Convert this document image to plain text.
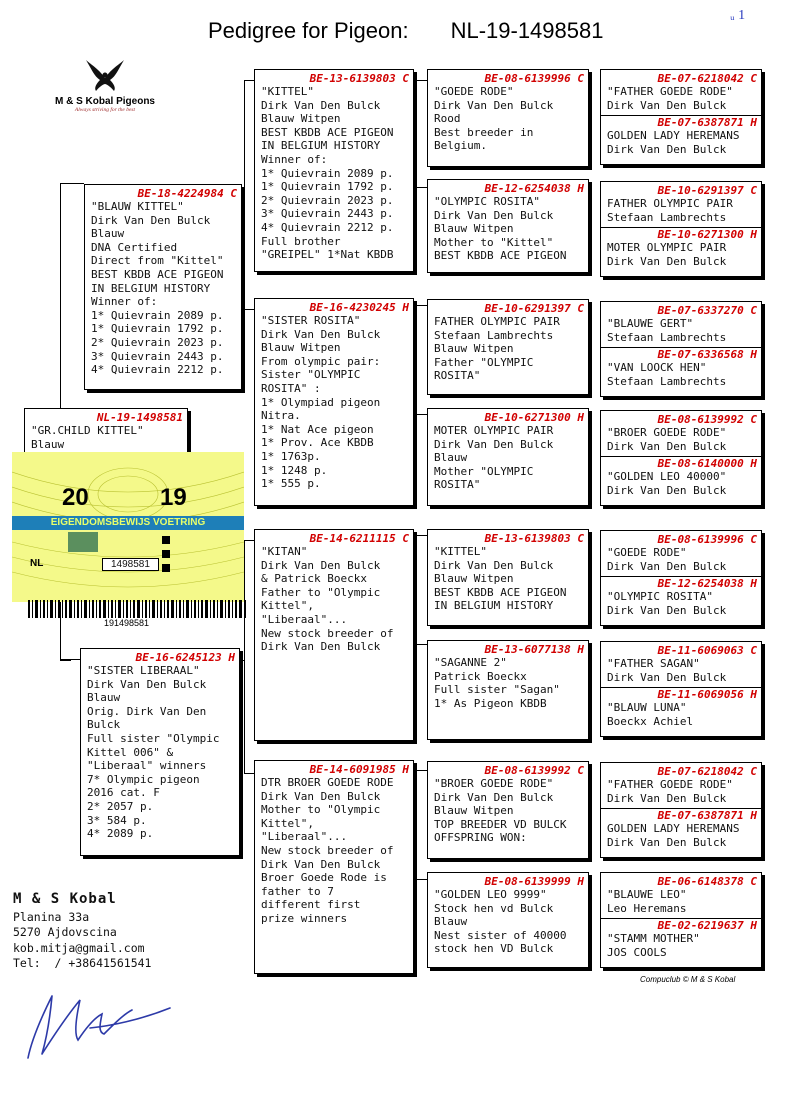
Pedigree for Pigeon: NL-19-1498581
ᵤ 1
M & S Kobal Pigeons
Always striving for the best
NL-19-1498581
"GR.CHILD KITTEL"
Blauw
20	19
EIGENDOMSBEWIJS VOETRING
NL	1498581
191498581
BE-18-4224984 C
"BLAUW KITTEL"
Dirk Van Den Bulck
Blauw
DNA Certified
Direct from "Kittel"
BEST KBDB ACE PIGEON
IN BELGIUM HISTORY
Winner of:
1* Quievrain 2089 p.
1* Quievrain 1792 p.
2* Quievrain 2023 p.
3* Quievrain 2443 p.
4* Quievrain 2212 p.
BE-16-6245123 H
"SISTER LIBERAAL"
Dirk Van Den Bulck
Blauw
Orig. Dirk Van Den
Bulck
Full sister "Olympic
Kittel 006" &
"Liberaal" winners
7* Olympic pigeon
2016 cat. F
2* 2057 p.
3* 584 p.
4* 2089 p.
BE-13-6139803 C
"KITTEL"
Dirk Van Den Bulck
Blauw Witpen
BEST KBDB ACE PIGEON
IN BELGIUM HISTORY
Winner of:
1* Quievrain 2089 p.
1* Quievrain 1792 p.
2* Quievrain 2023 p.
3* Quievrain 2443 p.
4* Quievrain 2212 p.
Full brother
"GREIPEL" 1*Nat KBDB
BE-16-4230245 H
"SISTER ROSITA"
Dirk Van Den Bulck
Blauw Witpen
From olympic pair:
Sister "OLYMPIC
ROSITA" :
1* Olympiad pigeon
Nitra.
1* Nat Ace pigeon
1* Prov. Ace KBDB
1* 1763p.
1* 1248 p.
1* 555 p.
BE-14-6211115 C
"KITAN"
Dirk Van Den Bulck
& Patrick Boeckx
Father to "Olympic
Kittel",
"Liberaal"...
New stock breeder of
Dirk Van Den Bulck
BE-14-6091985 H
DTR BROER GOEDE RODE
Dirk Van Den Bulck
Mother to "Olympic
Kittel",
"Liberaal"...
New stock breeder of
Dirk Van Den Bulck
Broer Goede Rode is
father to 7
different first
prize winners
BE-08-6139996 C
"GOEDE RODE"
Dirk Van Den Bulck
Rood
Best breeder in
Belgium.
BE-12-6254038 H
"OLYMPIC ROSITA"
Dirk Van Den Bulck
Blauw Witpen
Mother to "Kittel"
BEST KBDB ACE PIGEON
BE-10-6291397 C
FATHER OLYMPIC PAIR
Stefaan Lambrechts
Blauw Witpen
Father "OLYMPIC
ROSITA"
BE-10-6271300 H
MOTER OLYMPIC PAIR
Dirk Van Den Bulck
Blauw
Mother "OLYMPIC
ROSITA"
BE-13-6139803 C
"KITTEL"
Dirk Van Den Bulck
Blauw Witpen
BEST KBDB ACE PIGEON
IN BELGIUM HISTORY
BE-13-6077138 H
"SAGANNE 2"
Patrick Boeckx
Full sister "Sagan"
1* As Pigeon KBDB
BE-08-6139992 C
"BROER GOEDE RODE"
Dirk Van Den Bulck
Blauw Witpen
TOP BREEDER VD BULCK
OFFSPRING WON:
BE-08-6139999 H
"GOLDEN LEO 9999"
Stock hen vd Bulck
Blauw
Nest sister of 40000
stock hen VD Bulck
BE-07-6218042 C
"FATHER GOEDE RODE"
Dirk Van Den Bulck
BE-07-6387871 H
GOLDEN LADY HEREMANS
Dirk Van Den Bulck
BE-10-6291397 C
FATHER OLYMPIC PAIR
Stefaan Lambrechts
BE-10-6271300 H
MOTER OLYMPIC PAIR
Dirk Van Den Bulck
BE-07-6337270 C
"BLAUWE GERT"
Stefaan Lambrechts
BE-07-6336568 H
"VAN LOOCK HEN"
Stefaan Lambrechts
BE-08-6139992 C
"BROER GOEDE RODE"
Dirk Van Den Bulck
BE-08-6140000 H
"GOLDEN LEO 40000"
Dirk Van Den Bulck
BE-08-6139996 C
"GOEDE RODE"
Dirk Van Den Bulck
BE-12-6254038 H
"OLYMPIC ROSITA"
Dirk Van Den Bulck
BE-11-6069063 C
"FATHER SAGAN"
Dirk Van Den Bulck
BE-11-6069056 H
"BLAUW LUNA"
Boeckx Achiel
BE-07-6218042 C
"FATHER GOEDE RODE"
Dirk Van Den Bulck
BE-07-6387871 H
GOLDEN LADY HEREMANS
Dirk Van Den Bulck
BE-06-6148378 C
"BLAUWE LEO"
Leo Heremans
BE-02-6219637 H
"STAMM MOTHER"
JOS COOLS
M & S Kobal
Planina 33a
5270 Ajdovscina
kob.mitja@gmail.com
Tel:  / +38641561541
Compuclub © M & S Kobal
